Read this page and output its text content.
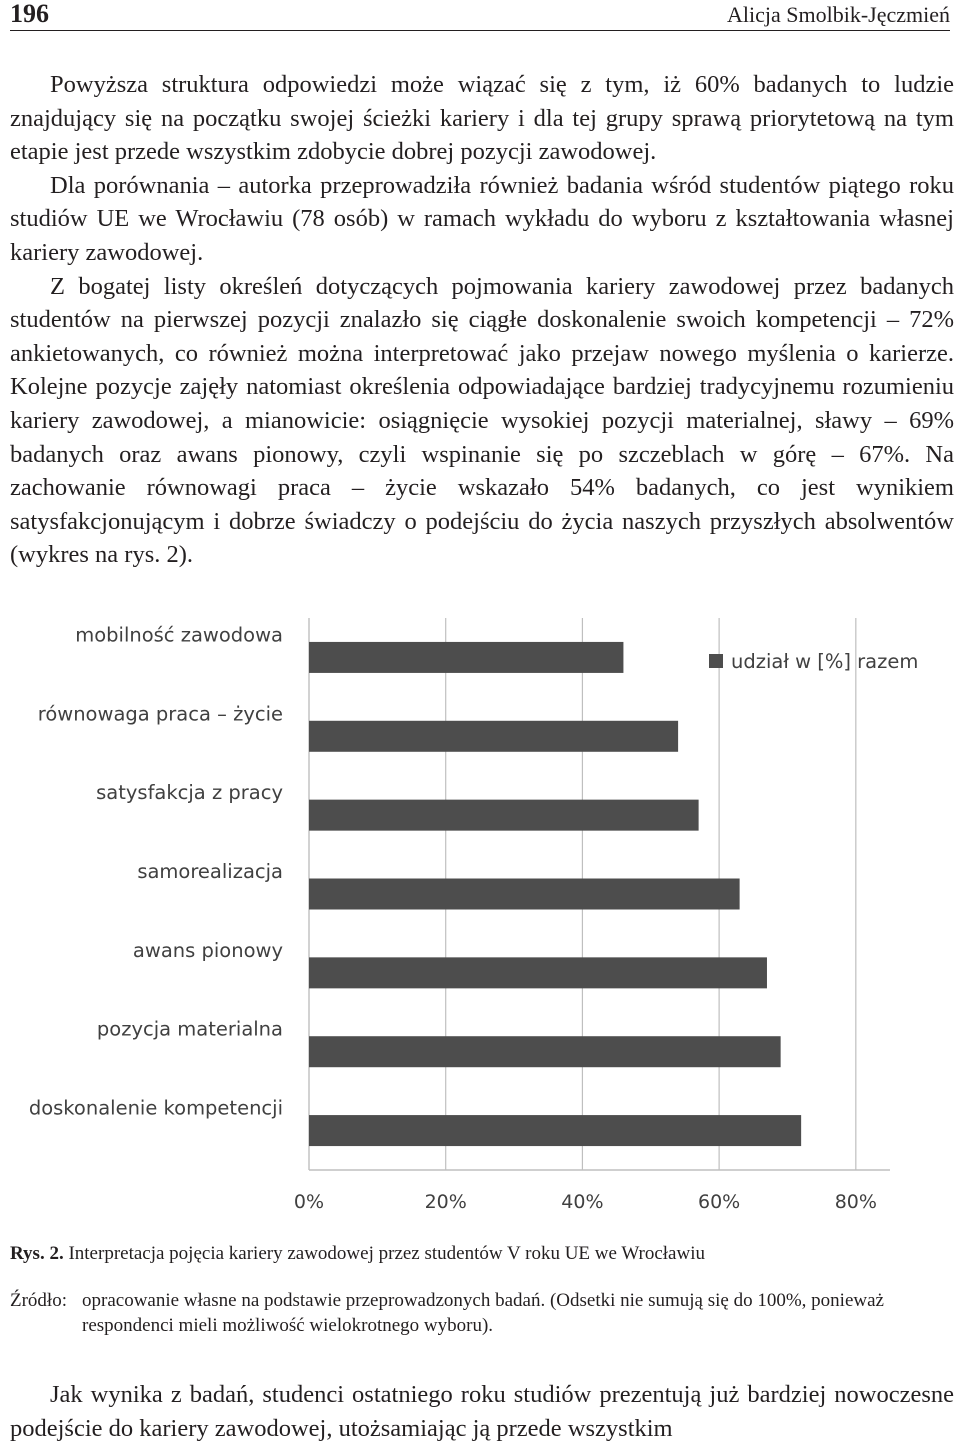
196	Alicja Smolbik-Jęczmień

Powyższa struktura odpowiedzi może wiązać się z tym, iż 60% badanych to ludzie znajdujący się na początku swojej ścieżki kariery i dla tej grupy sprawą priorytetową na tym etapie jest przede wszystkim zdobycie dobrej pozycji zawodowej.

Dla porównania – autorka przeprowadziła również badania wśród studentów piątego roku studiów UE we Wrocławiu (78 osób) w ramach wykładu do wyboru z kształtowania własnej kariery zawodowej.

Z bogatej listy określeń dotyczących pojmowania kariery zawodowej przez badanych studentów na pierwszej pozycji znalazło się ciągłe doskonalenie swoich kompetencji – 72% ankietowanych, co również można interpretować jako przejaw nowego myślenia o karierze. Kolejne pozycje zajęły natomiast określenia odpowiadające bardziej tradycyjnemu rozumieniu kariery zawodowej, a mianowicie: osiągnięcie wysokiej pozycji materialnej, sławy – 69% badanych oraz awans pionowy, czyli wspinanie się po szczeblach w górę – 67%. Na zachowanie równowagi praca – życie wskazało 54% badanych, co jest wynikiem satysfakcjonującym i dobrze świadczy o podejściu do życia naszych przyszłych absolwentów (wykres na rys. 2).

0%	20%	40%	60%	80%
mobilność zawodowa
równowaga praca – życie
satysfakcja z pracy
samorealizacja
awans pionowy
pozycja materialna
doskonalenie kompetencji
udział w [%] razem
Rys. 2. Interpretacja pojęcia kariery zawodowej przez studentów V roku UE we Wrocławiu
Źródło: opracowanie własne na podstawie przeprowadzonych badań. (Odsetki nie sumują się do 100%, ponieważ respondenci mieli możliwość wielokrotnego wyboru).

Jak wynika z badań, studenci ostatniego roku studiów prezentują już bardziej nowoczesne podejście do kariery zawodowej, utożsamiając ją przede wszystkim
